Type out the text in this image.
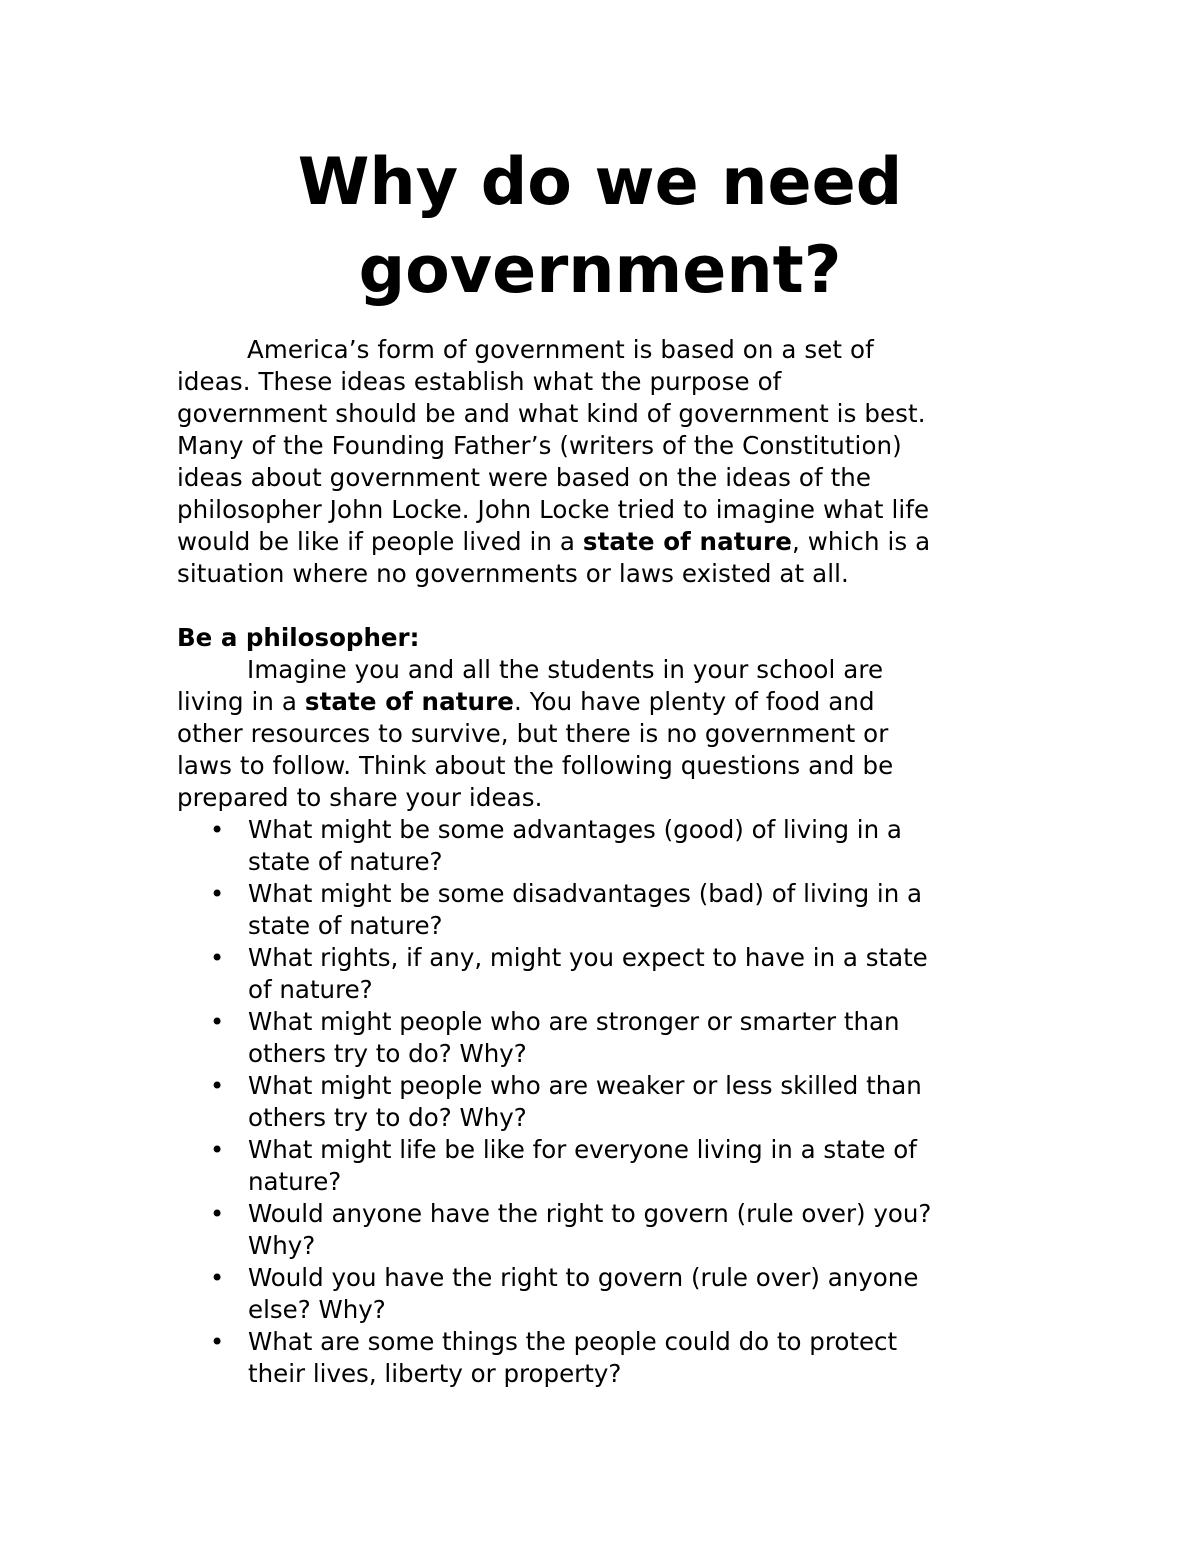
Why do we need
government?
America’s form of government is based on a set of
ideas. These ideas establish what the purpose of
government should be and what kind of government is best.
Many of the Founding Father’s (writers of the Constitution)
ideas about government were based on the ideas of the
philosopher John Locke. John Locke tried to imagine what life
would be like if people lived in a state of nature, which is a
situation where no governments or laws existed at all.
Be a philosopher:
Imagine you and all the students in your school are
living in a state of nature. You have plenty of food and
other resources to survive, but there is no government or
laws to follow. Think about the following questions and be
prepared to share your ideas.
• What might be some advantages (good) of living in a
state of nature?
• What might be some disadvantages (bad) of living in a
state of nature?
• What rights, if any, might you expect to have in a state
of nature?
• What might people who are stronger or smarter than
others try to do? Why?
• What might people who are weaker or less skilled than
others try to do? Why?
• What might life be like for everyone living in a state of
nature?
• Would anyone have the right to govern (rule over) you?
Why?
• Would you have the right to govern (rule over) anyone
else? Why?
• What are some things the people could do to protect
their lives, liberty or property?
